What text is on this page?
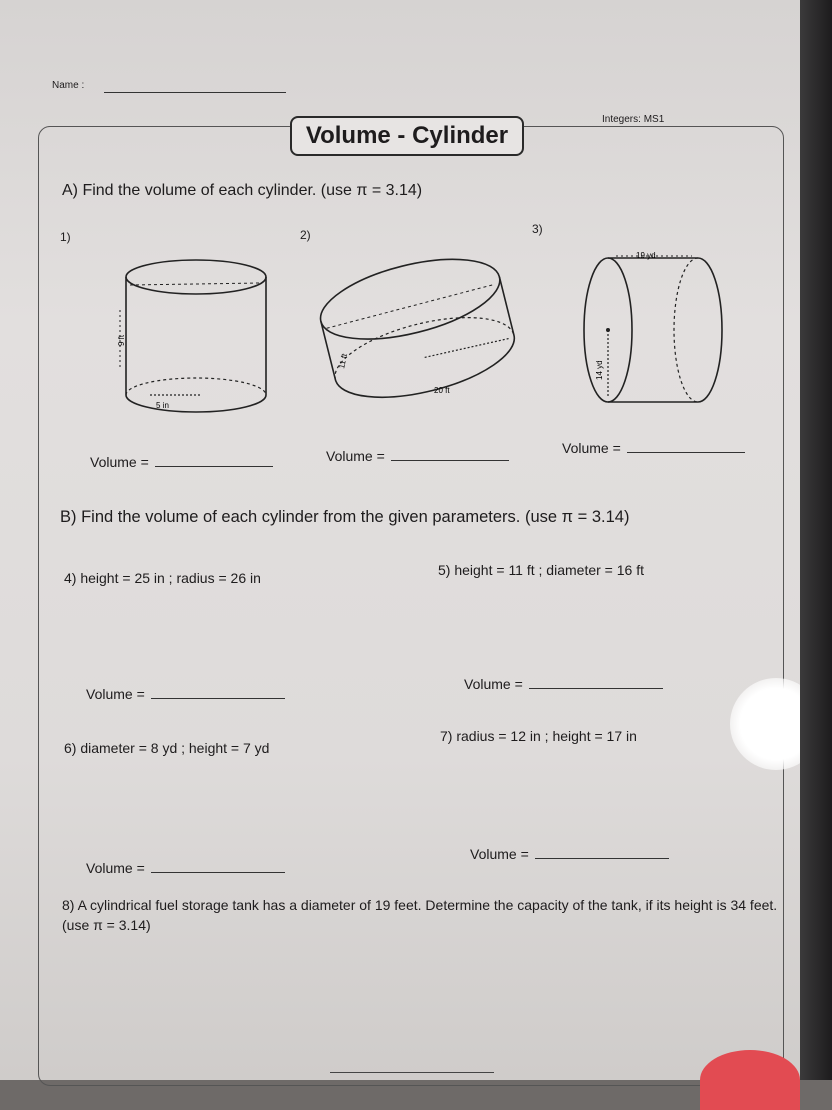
Name :
Volume - Cylinder
Integers: MS1
A) Find the volume of each cylinder. (use π = 3.14)
1)	2)	3)
5 in
9 ft
20 ft
11 ft
19 yd
14 yd
Volume =	Volume =	Volume =
B) Find the volume of each cylinder from the given parameters. (use π = 3.14)
4) height = 25 in ; radius = 26 in	5) height = 11 ft ; diameter = 16 ft
Volume =
Volume =
6) diameter = 8 yd ; height = 7 yd
7) radius = 12 in ; height = 17 in
Volume =
Volume =
8) A cylindrical fuel storage tank has a diameter of 19 feet. Determine the capacity of the tank, if its height is 34 feet. (use π = 3.14)
